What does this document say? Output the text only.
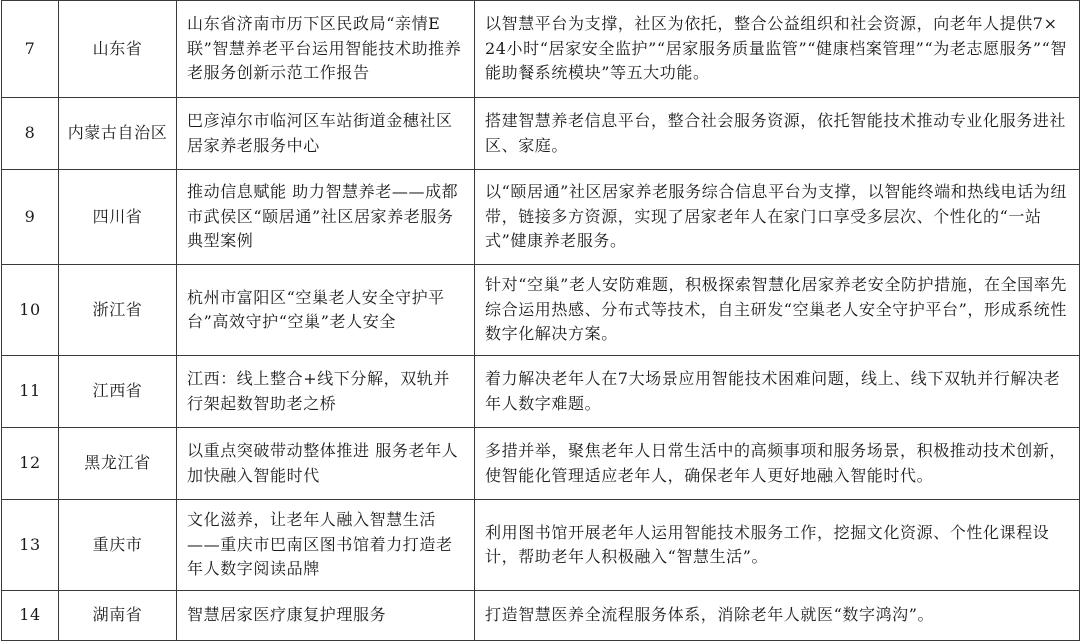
7	山东省	山东省济南市历下区民政局“亲情E联”智慧养老平台运用智能技术助推养老服务创新示范工作报告	以智慧平台为支撑，社区为依托，整合公益组织和社会资源，向老年人提供7×24小时“居家安全监护”“居家服务质量监管”“健康档案管理”“为老志愿服务”“智能助餐系统模块”等五大功能。
8	内蒙古自治区	巴彦淖尔市临河区车站街道金穗社区居家养老服务中心	搭建智慧养老信息平台，整合社会服务资源，依托智能技术推动专业化服务进社区、家庭。
9	四川省	推动信息赋能 助力智慧养老——成都市武侯区“颐居通”社区居家养老服务典型案例	以“颐居通”社区居家养老服务综合信息平台为支撑，以智能终端和热线电话为纽带，链接多方资源，实现了居家老年人在家门口享受多层次、个性化的“一站式”健康养老服务。
10	浙江省	杭州市富阳区“空巢老人安全守护平台”高效守护“空巢”老人安全	针对“空巢”老人安防难题，积极探索智慧化居家养老安全防护措施，在全国率先综合运用热感、分布式等技术，自主研发“空巢老人安全守护平台”，形成系统性数字化解决方案。
11	江西省	江西：线上整合+线下分解，双轨并行架起数智助老之桥	着力解决老年人在7大场景应用智能技术困难问题，线上、线下双轨并行解决老年人数字难题。
12	黑龙江省	以重点突破带动整体推进 服务老年人加快融入智能时代	多措并举，聚焦老年人日常生活中的高频事项和服务场景，积极推动技术创新，使智能化管理适应老年人，确保老年人更好地融入智能时代。
13	重庆市	文化滋养，让老年人融入智慧生活——重庆市巴南区图书馆着力打造老年人数字阅读品牌	利用图书馆开展老年人运用智能技术服务工作，挖掘文化资源、个性化课程设计，帮助老年人积极融入“智慧生活”。
14	湖南省	智慧居家医疗康复护理服务	打造智慧医养全流程服务体系，消除老年人就医“数字鸿沟”。
